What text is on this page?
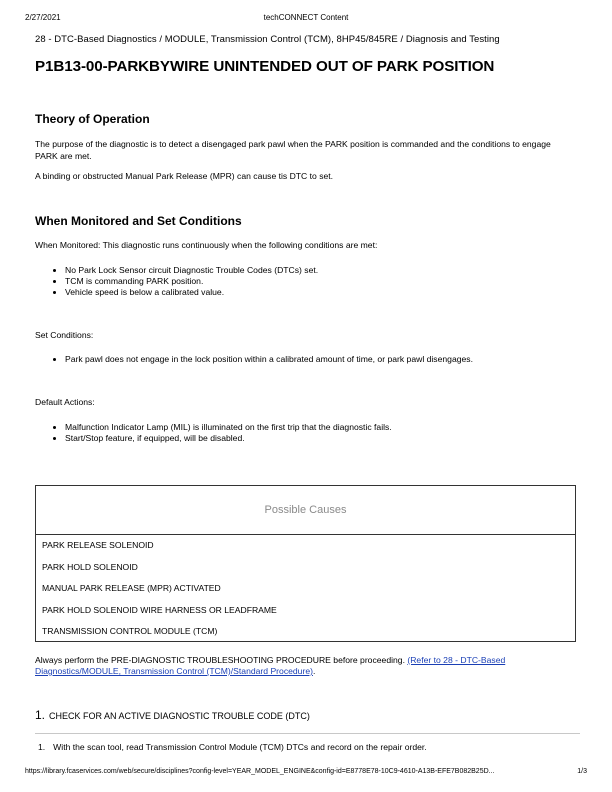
2/27/2021	techCONNECT Content
28 - DTC-Based Diagnostics / MODULE, Transmission Control (TCM), 8HP45/845RE / Diagnosis and Testing
P1B13-00-PARKBYWIRE UNINTENDED OUT OF PARK POSITION
Theory of Operation

The purpose of the diagnostic is to detect a disengaged park pawl when the PARK position is commanded and the conditions to engage PARK are met.

A binding or obstructed Manual Park Release (MPR) can cause tis DTC to set.

When Monitored and Set Conditions

When Monitored: This diagnostic runs continuously when the following conditions are met:

• No Park Lock Sensor circuit Diagnostic Trouble Codes (DTCs) set.
• TCM is commanding PARK position.
• Vehicle speed is below a calibrated value.

Set Conditions:

• Park pawl does not engage in the lock position within a calibrated amount of time, or park pawl disengages.

Default Actions:

• Malfunction Indicator Lamp (MIL) is illuminated on the first trip that the diagnostic fails.
• Start/Stop feature, if equipped, will be disabled.
Possible Causes
PARK RELEASE SOLENOID
PARK HOLD SOLENOID
MANUAL PARK RELEASE (MPR) ACTIVATED
PARK HOLD SOLENOID WIRE HARNESS OR LEADFRAME
TRANSMISSION CONTROL MODULE (TCM)
Always perform the PRE-DIAGNOSTIC TROUBLESHOOTING PROCEDURE before proceeding. (Refer to 28 - DTC-Based Diagnostics/MODULE, Transmission Control (TCM)/Standard Procedure).
1. CHECK FOR AN ACTIVE DIAGNOSTIC TROUBLE CODE (DTC)
1. With the scan tool, read Transmission Control Module (TCM) DTCs and record on the repair order.
https://library.fcaservices.com/web/secure/disciplines?config-level=YEAR_MODEL_ENGINE&config-id=E8778E78-10C9-4610-A13B-EFE7B082B25D...	1/3
